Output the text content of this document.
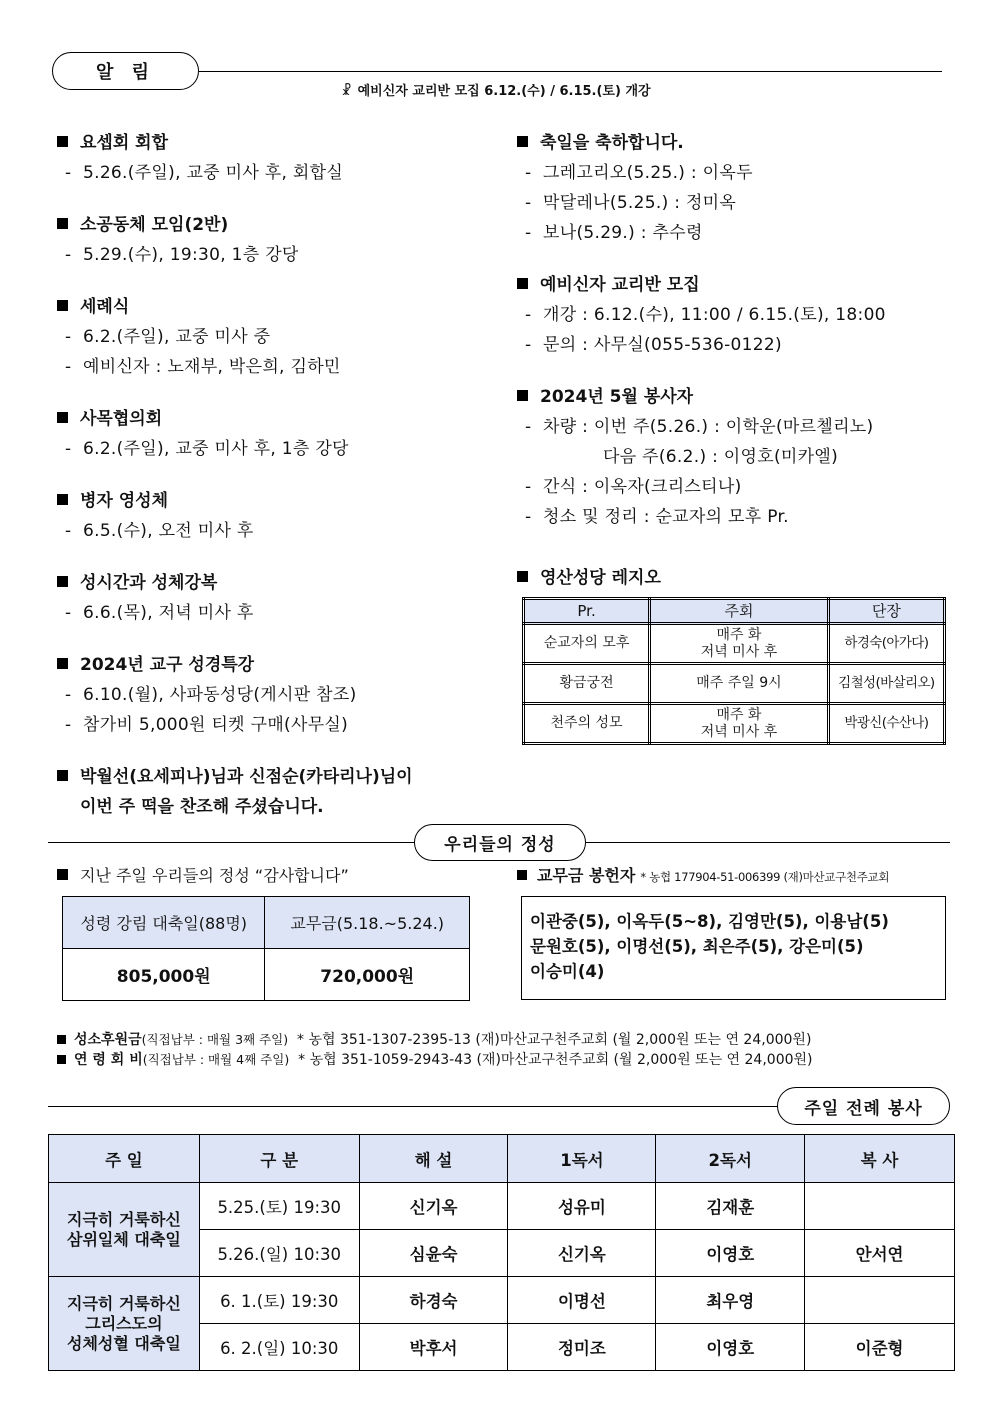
알 림
☧ 예비신자 교리반 모집 6.12.(수) / 6.15.(토) 개강
요셉회 회합
- 5.26.(주일), 교중 미사 후, 회합실
소공동체 모임(2반)
- 5.29.(수), 19:30, 1층 강당
세례식
- 6.2.(주일), 교중 미사 중
- 예비신자 : 노재부, 박은희, 김하민
사목협의회
- 6.2.(주일), 교중 미사 후, 1층 강당
병자 영성체
- 6.5.(수), 오전 미사 후
성시간과 성체강복
- 6.6.(목), 저녁 미사 후
2024년 교구 성경특강
- 6.10.(월), 사파동성당(게시판 참조)
- 참가비 5,000원 티켓 구매(사무실)
박월선(요세피나)님과 신점순(카타리나)님이
이번 주 떡을 찬조해 주셨습니다.
축일을 축하합니다.
- 그레고리오(5.25.) : 이옥두
- 막달레나(5.25.) : 정미옥
- 보나(5.29.) : 추수령
예비신자 교리반 모집
- 개강 : 6.12.(수), 11:00 / 6.15.(토), 18:00
- 문의 : 사무실(055-536-0122)
2024년 5월 봉사자
- 차량 : 이번 주(5.26.) : 이학운(마르첼리노)
다음 주(6.2.) : 이영호(미카엘)
- 간식 : 이옥자(크리스티나)
- 청소 및 정리 : 순교자의 모후 Pr.
영산성당 레지오
Pr.	주회	단장
순교자의 모후	매주 화
저녁 미사 후	하경숙(아가다)
황금궁전	매주 주일 9시	김철성(바살리오)
천주의 성모	매주 화
저녁 미사 후	박광신(수산나)
우리들의 정성
지난 주일 우리들의 정성 “감사합니다”
성령 강림 대축일(88명)	교무금(5.18.~5.24.)
805,000원	720,000원
교무금 봉헌자 * 농협 177904-51-006399 (재)마산교구천주교회
이관중(5), 이옥두(5~8), 김영만(5), 이용남(5)
문원호(5), 이명선(5), 최은주(5), 강은미(5)
이승미(4)
성소후원금(직접납부 : 매월 3째 주일) * 농협 351-1307-2395-13 (재)마산교구천주교회 (월 2,000원 또는 연 24,000원)
연 령 회 비(직접납부 : 매월 4째 주일) * 농협 351-1059-2943-43 (재)마산교구천주교회 (월 2,000원 또는 연 24,000원)
주일 전례 봉사
주 일	구 분	해 설	1독서	2독서	복 사

지극히 거룩하신
삼위일체 대축일	5.25.(토) 19:30	신기옥	성유미	김재훈	
	5.26.(일) 10:30	심윤숙	신기옥	이영호	안서연

지극히 거룩하신
그리스도의
성체성혈 대축일	6. 1.(토) 19:30	하경숙	이명선	최우영	
	6. 2.(일) 10:30	박후서	정미조	이영호	이준형
